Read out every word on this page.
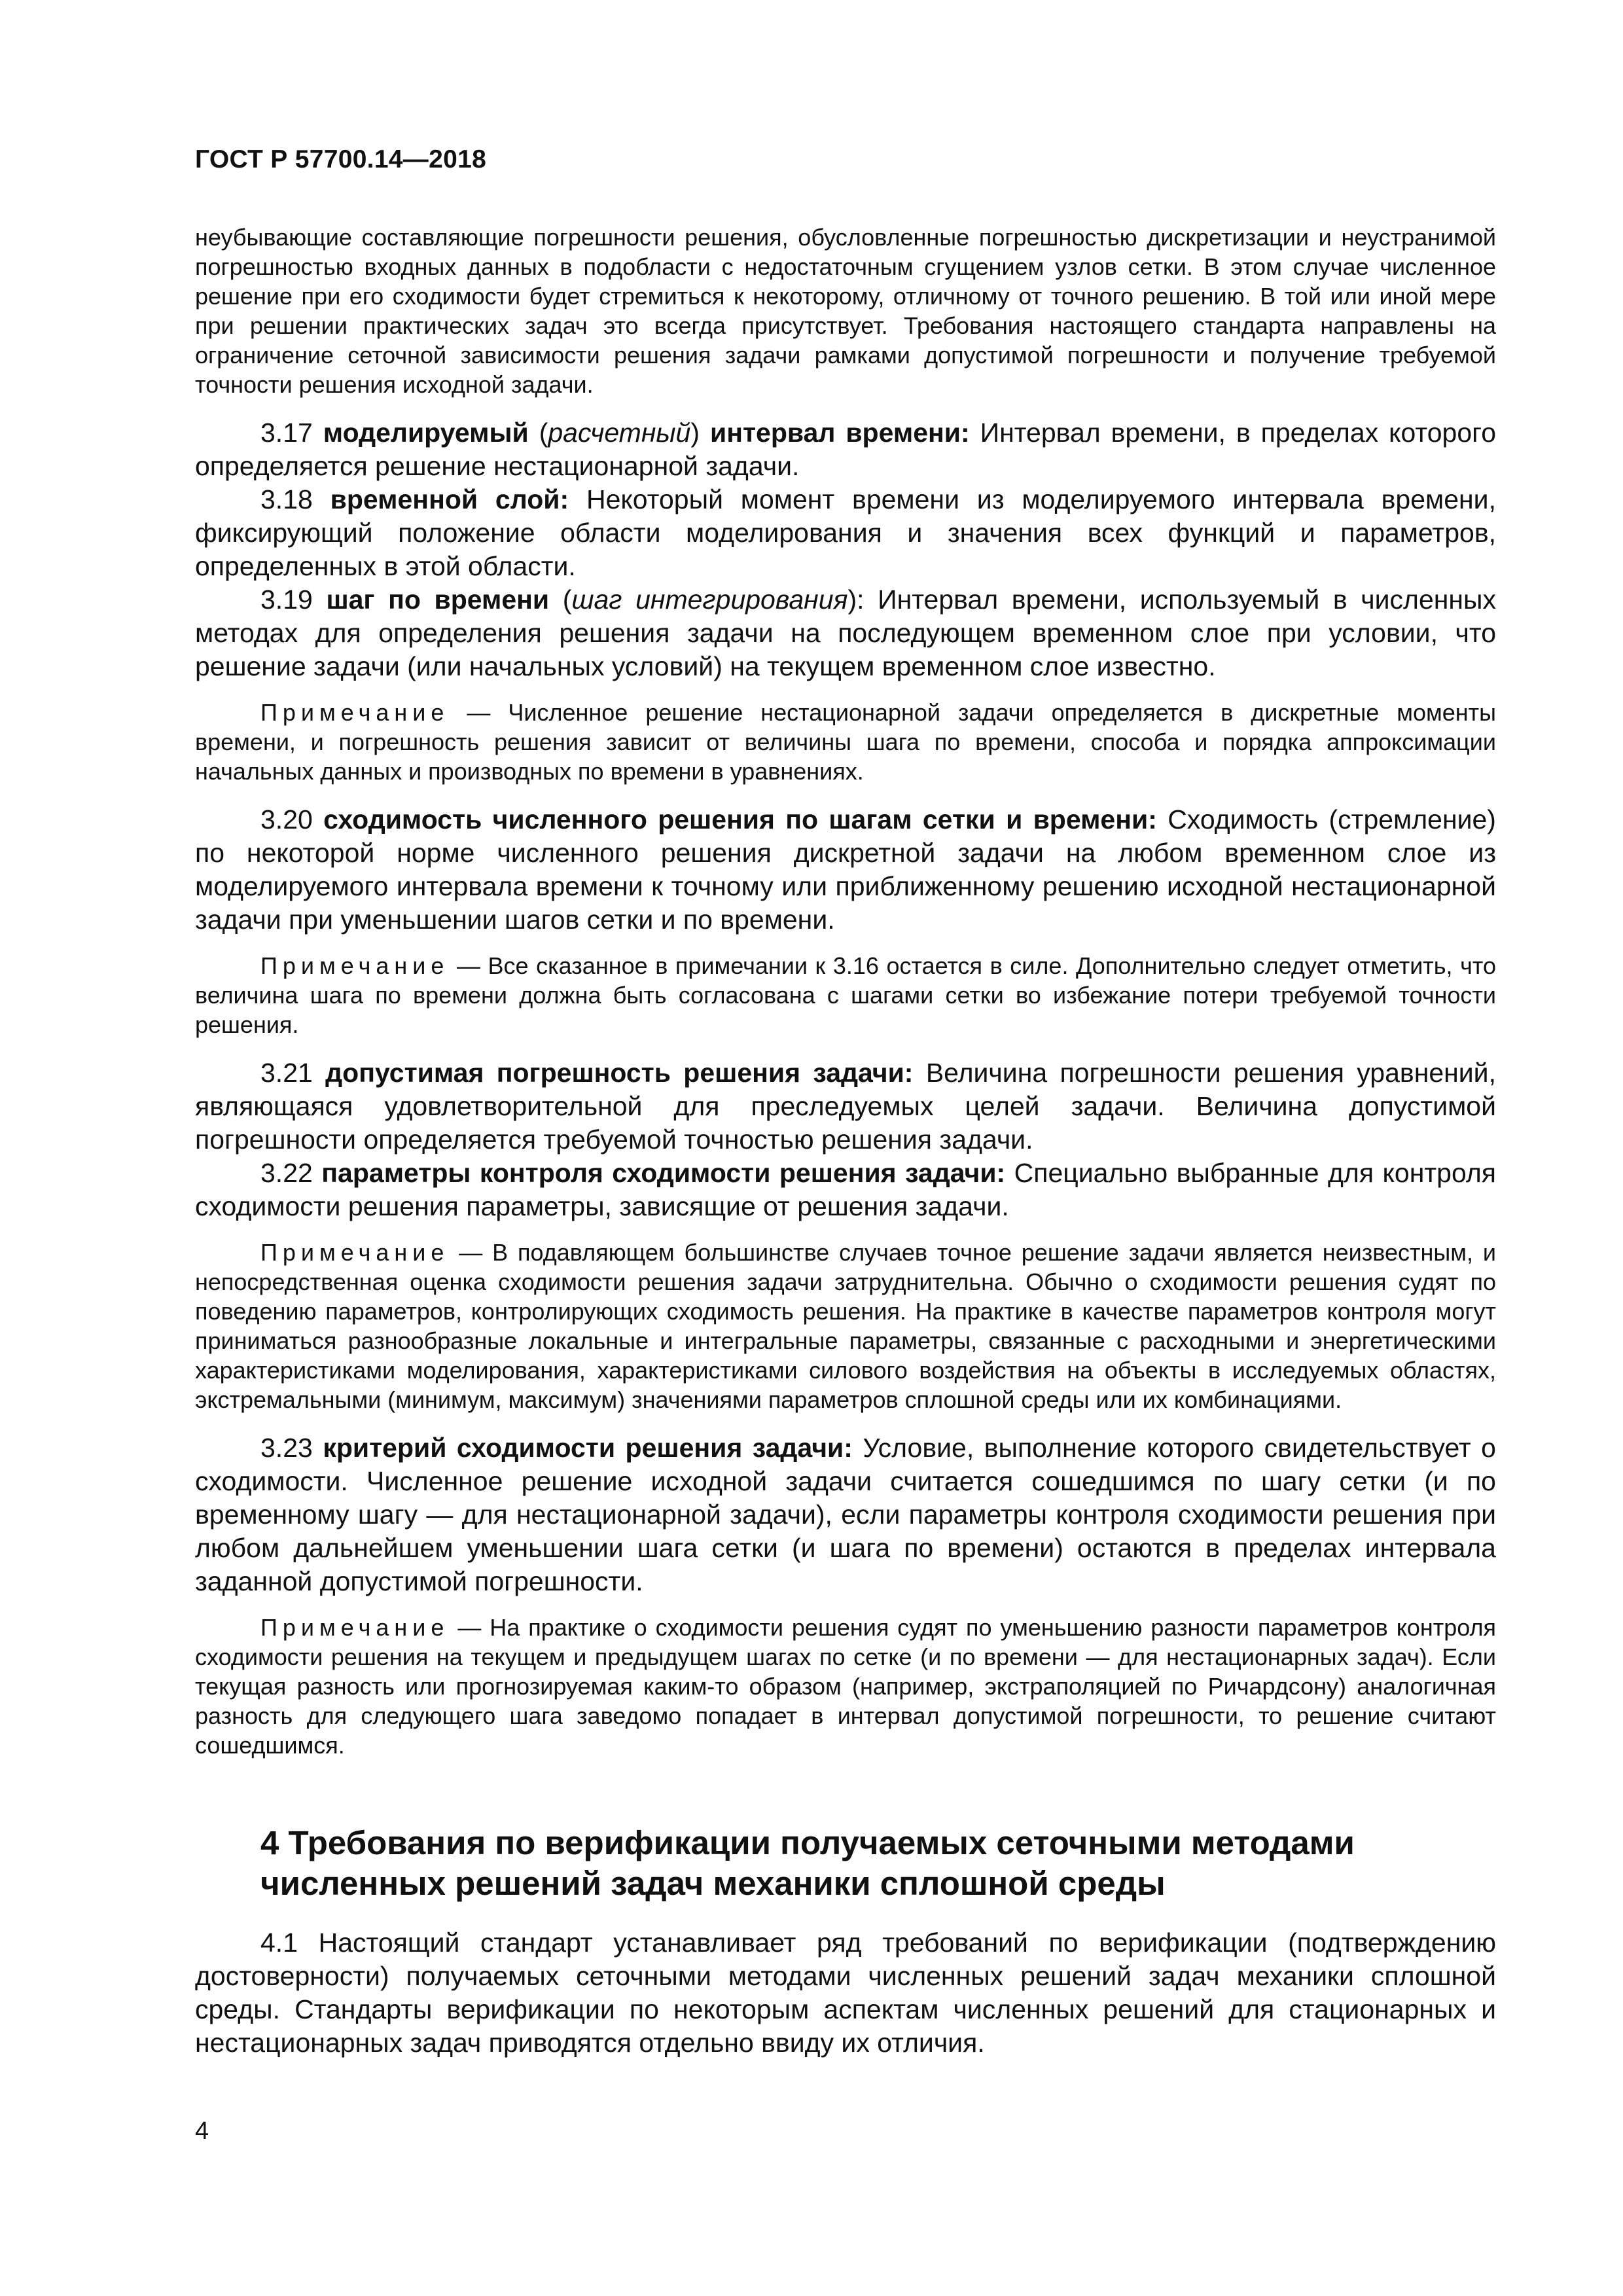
ГОСТ Р 57700.14—2018

неубывающие составляющие погрешности решения, обусловленные погрешностью дискретизации и неустранимой погрешностью входных данных в подобласти с недостаточным сгущением узлов сетки. В этом случае численное решение при его сходимости будет стремиться к некоторому, отличному от точного решению. В той или иной мере при решении практических задач это всегда присутствует. Требования настоящего стандарта направлены на ограничение сеточной зависимости решения задачи рамками допустимой погрешности и получение требуемой точности решения исходной задачи.

3.17 моделируемый (расчетный) интервал времени: Интервал времени, в пределах которого определяется решение нестационарной задачи.

3.18 временной слой: Некоторый момент времени из моделируемого интервала времени, фиксирующий положение области моделирования и значения всех функций и параметров, определенных в этой области.

3.19 шаг по времени (шаг интегрирования): Интервал времени, используемый в численных методах для определения решения задачи на последующем временном слое при условии, что решение задачи (или начальных условий) на текущем временном слое известно.

Примечание — Численное решение нестационарной задачи определяется в дискретные моменты времени, и погрешность решения зависит от величины шага по времени, способа и порядка аппроксимации начальных данных и производных по времени в уравнениях.

3.20 сходимость численного решения по шагам сетки и времени: Сходимость (стремление) по некоторой норме численного решения дискретной задачи на любом временном слое из моделируемого интервала времени к точному или приближенному решению исходной нестационарной задачи при уменьшении шагов сетки и по времени.

Примечание — Все сказанное в примечании к 3.16 остается в силе. Дополнительно следует отметить, что величина шага по времени должна быть согласована с шагами сетки во избежание потери требуемой точности решения.

3.21 допустимая погрешность решения задачи: Величина погрешности решения уравнений, являющаяся удовлетворительной для преследуемых целей задачи. Величина допустимой погрешности определяется требуемой точностью решения задачи.

3.22 параметры контроля сходимости решения задачи: Специально выбранные для контроля сходимости решения параметры, зависящие от решения задачи.

Примечание — В подавляющем большинстве случаев точное решение задачи является неизвестным, и непосредственная оценка сходимости решения задачи затруднительна. Обычно о сходимости решения судят по поведению параметров, контролирующих сходимость решения. На практике в качестве параметров контроля могут приниматься разнообразные локальные и интегральные параметры, связанные с расходными и энергетическими характеристиками моделирования, характеристиками силового воздействия на объекты в исследуемых областях, экстремальными (минимум, максимум) значениями параметров сплошной среды или их комбинациями.

3.23 критерий сходимости решения задачи: Условие, выполнение которого свидетельствует о сходимости. Численное решение исходной задачи считается сошедшимся по шагу сетки (и по временному шагу — для нестационарной задачи), если параметры контроля сходимости решения при любом дальнейшем уменьшении шага сетки (и шага по времени) остаются в пределах интервала заданной допустимой погрешности.

Примечание — На практике о сходимости решения судят по уменьшению разности параметров контроля сходимости решения на текущем и предыдущем шагах по сетке (и по времени — для нестационарных задач). Если текущая разность или прогнозируемая каким-то образом (например, экстраполяцией по Ричардсону) аналогичная разность для следующего шага заведомо попадает в интервал допустимой погрешности, то решение считают сошедшимся.

4 Требования по верификации получаемых сеточными методами численных решений задач механики сплошной среды

4.1 Настоящий стандарт устанавливает ряд требований по верификации (подтверждению достоверности) получаемых сеточными методами численных решений задач механики сплошной среды. Стандарты верификации по некоторым аспектам численных решений для стационарных и нестационарных задач приводятся отдельно ввиду их отличия.

4
